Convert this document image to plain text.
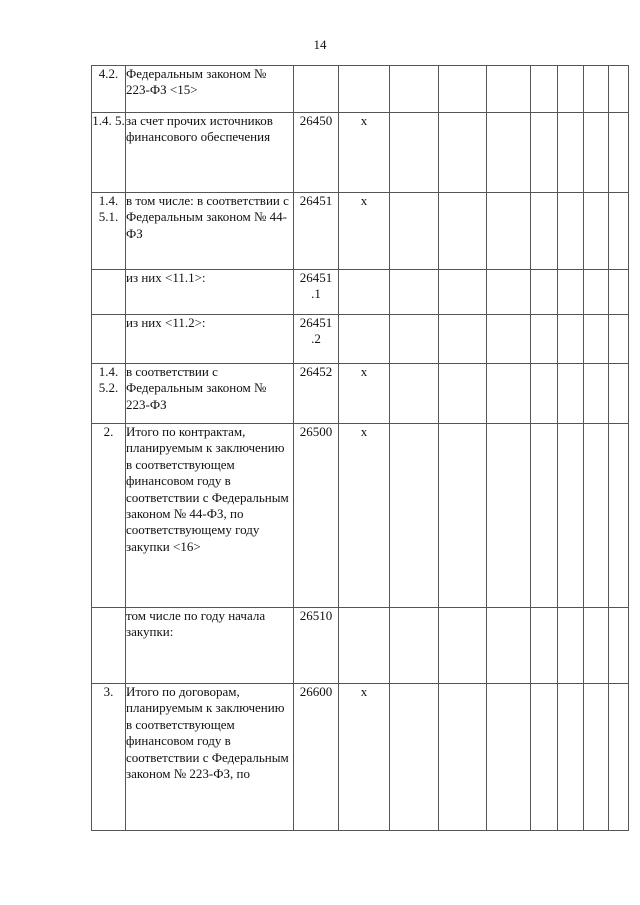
14
4.2.	Федеральным законом № 223-ФЗ <15>									
1.4. 5.	за счет прочих источников финансового обеспечения	26450	x							
1.4. 5.1.	в том числе: в соответствии с Федеральным законом № 44-ФЗ	26451	x							
	из них <11.1>:	26451 .1								
	из них <11.2>:	26451 .2								
1.4. 5.2.	в соответствии с Федеральным законом № 223-ФЗ	26452	x							
2.	Итого по контрактам, планируемым к заключению в соответствующем финансовом году в соответствии с Федеральным законом № 44-ФЗ, по соответствующему году закупки <16>	26500	x							
	том числе по году начала закупки:	26510								
3.	Итого по договорам, планируемым к заключению в соответствующем финансовом году в соответствии с Федеральным законом № 223-ФЗ, по	26600	x							
